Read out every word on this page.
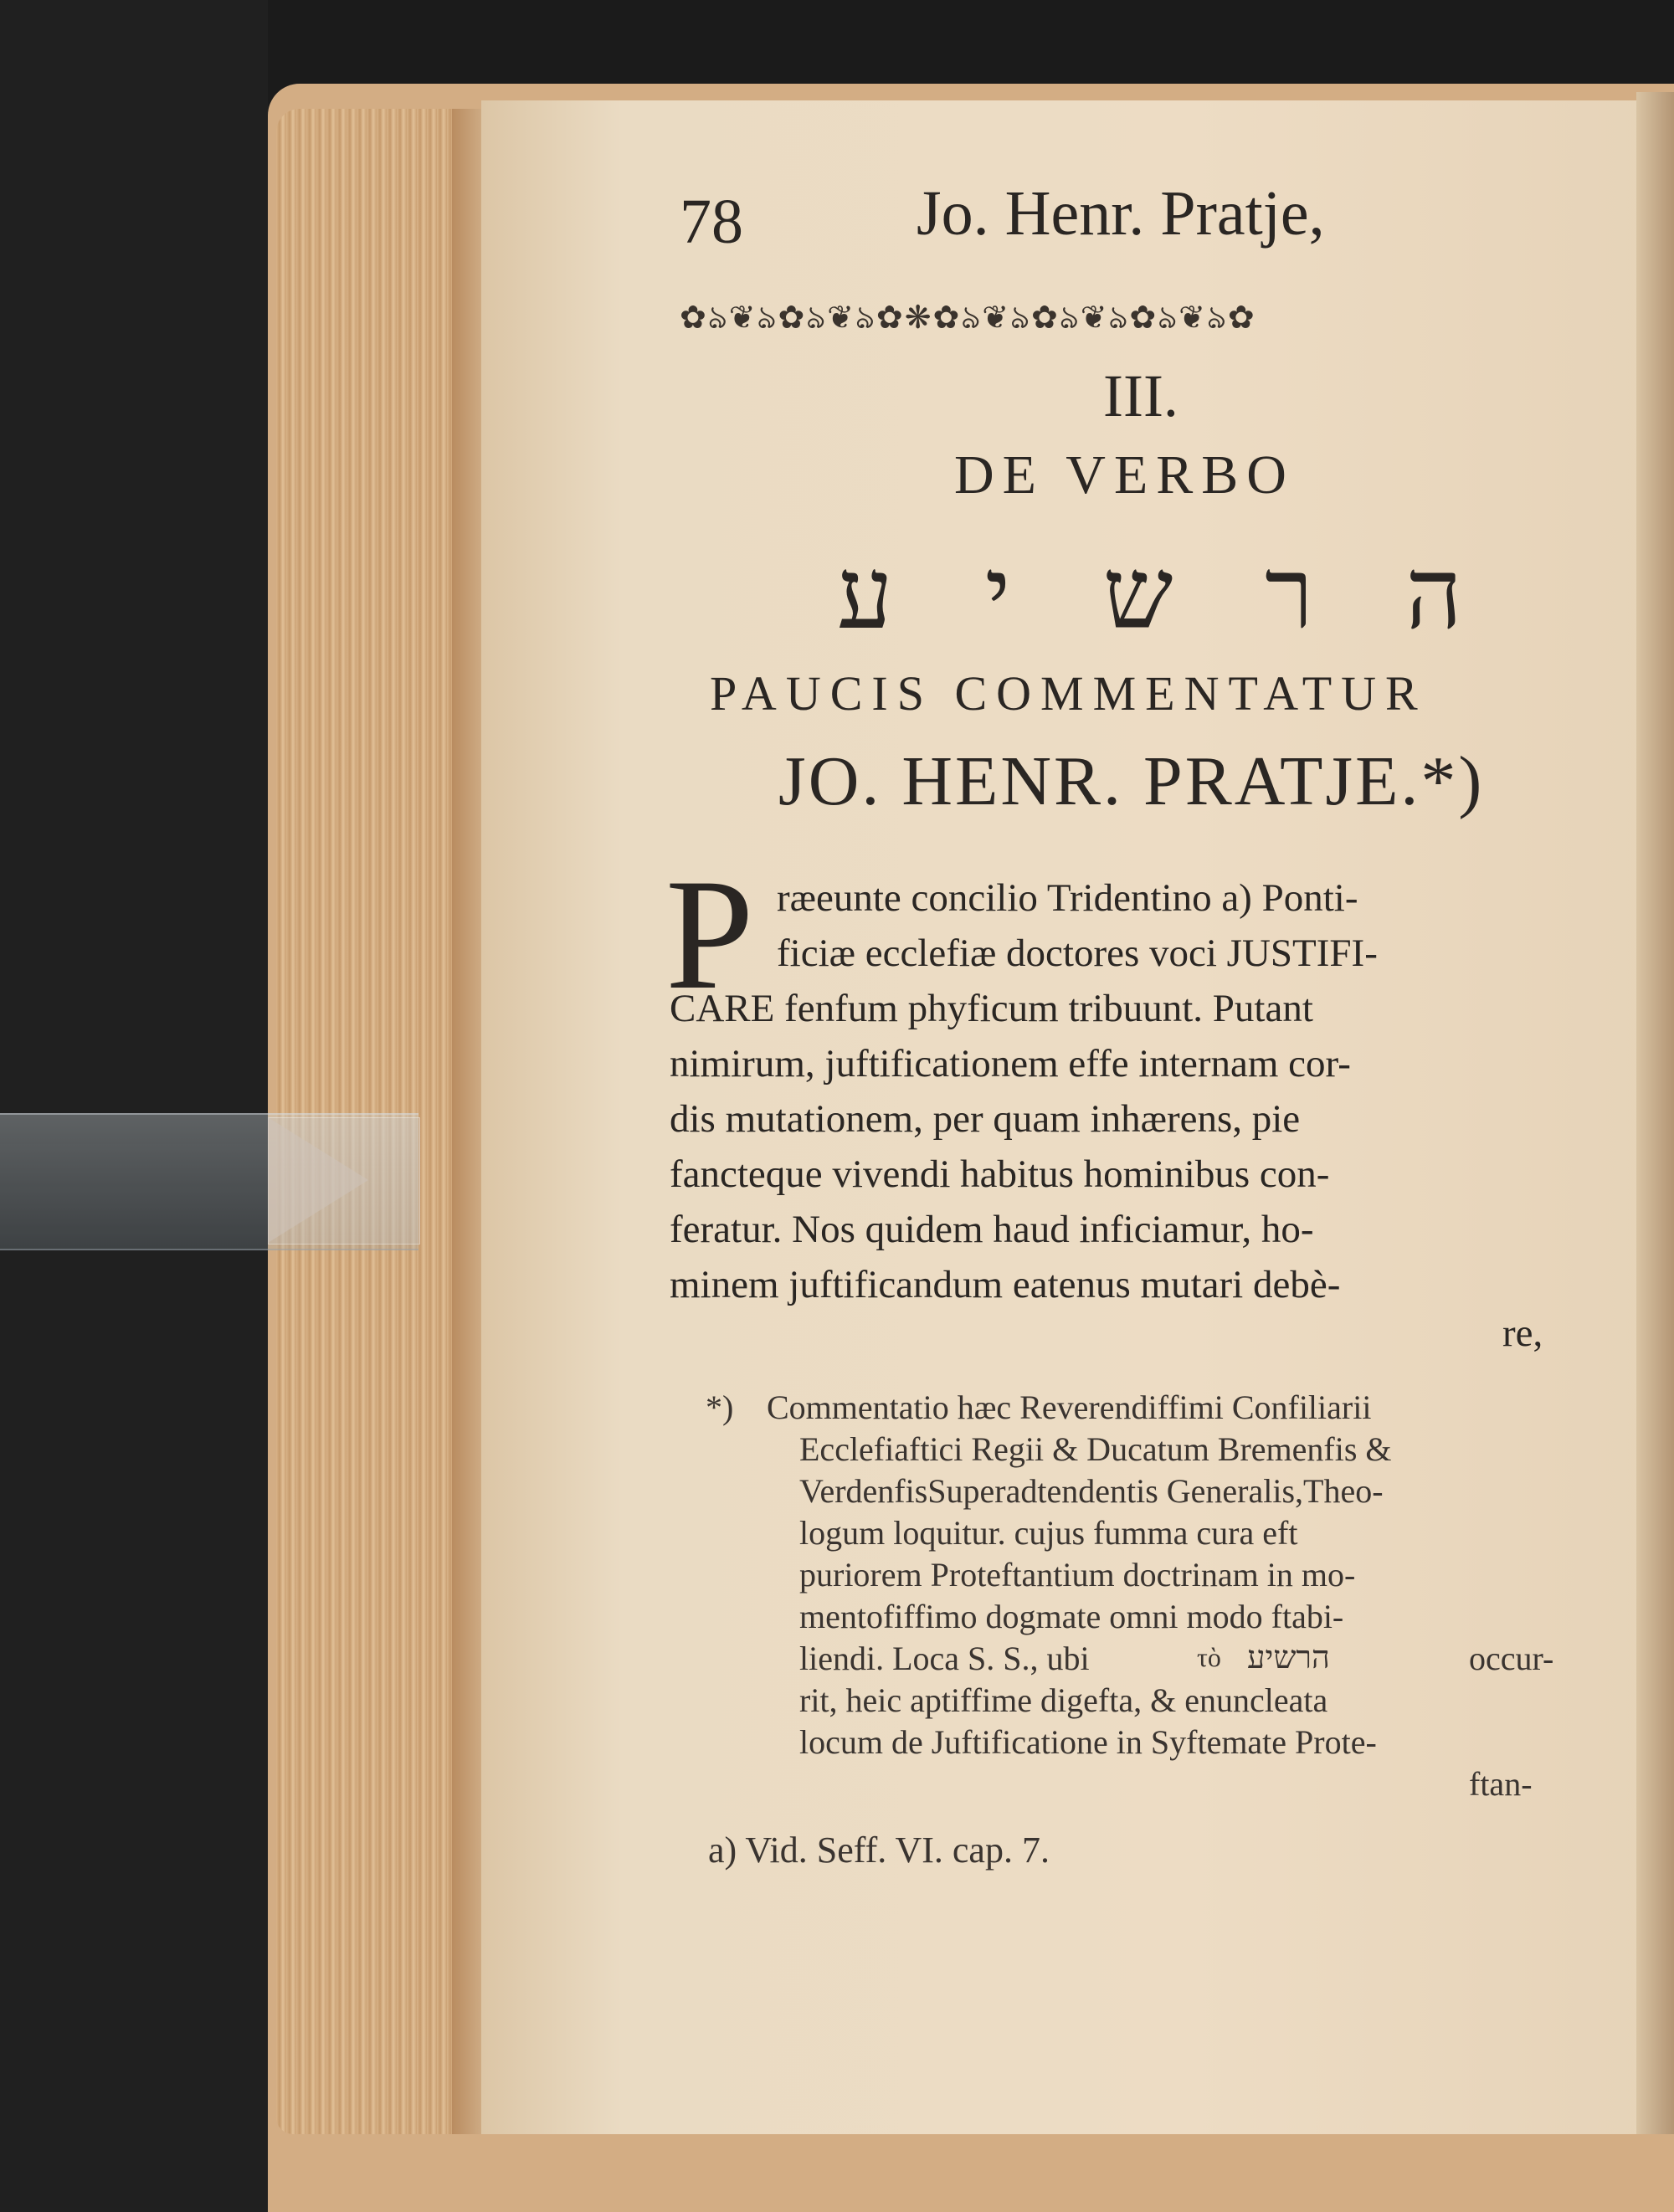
78	Jo. Henr. Pratje,
✿ঌ❦ঌ✿ঌ❦ঌ✿❋✿ঌ❦ঌ✿ঌ❦ঌ✿ঌ❦ঌ✿
III.
DE VERBO
הרשיע
PAUCIS COMMENTATUR
JO. HENR. PRATJE.*)
P ræeunte concilio Tridentino a) Ponti-
ficiæ ecclefiæ doctores voci JUSTIFI-
CARE fenfum phyficum tribuunt. Putant
nimirum, juftificationem effe internam cor-
dis mutationem, per quam inhærens, pie
fancteque vivendi habitus hominibus con-
feratur. Nos quidem haud inficiamur, ho-
minem juftificandum eatenus mutari debè-
re,
*) Commentatio hæc Reverendiffimi Confiliarii
Ecclefiaftici Regii & Ducatum Bremenfis &
VerdenfisSuperadtendentis Generalis,Theo-
logum loquitur. cujus fumma cura eft
puriorem Proteftantium doctrinam in mo-
mentofiffimo dogmate omni modo ftabi-
liendi. Loca S. S., ubi	τὸ הרשיע	occur-
rit, heic aptiffime digefta, & enuncleata
locum de Juftificatione in Syftemate Prote-
ftan-
a) Vid. Seff. VI. cap. 7.
